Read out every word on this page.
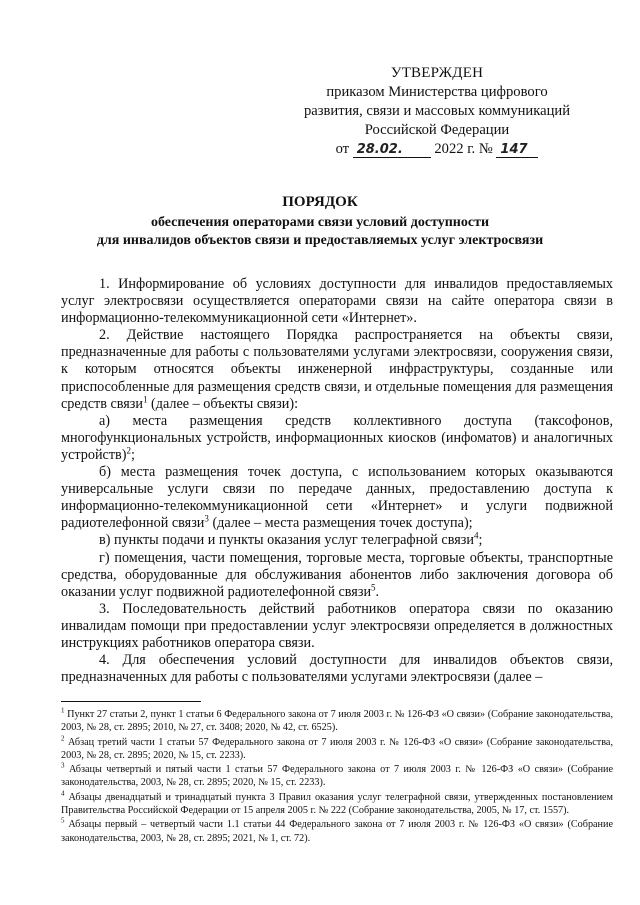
УТВЕРЖДЕН
приказом Министерства цифрового
развития, связи и массовых коммуникаций
Российской Федерации
от 28.02. 2022 г. № 147
ПОРЯДОК
обеспечения операторами связи условий доступности
для инвалидов объектов связи и предоставляемых услуг электросвязи

1. Информирование об условиях доступности для инвалидов предоставляемых услуг электросвязи осуществляется операторами связи на сайте оператора связи в информационно-телекоммуникационной сети «Интернет».

2. Действие настоящего Порядка распространяется на объекты связи, предназначенные для работы с пользователями услугами электросвязи, сооружения связи, к которым относятся объекты инженерной инфраструктуры, созданные или приспособленные для размещения средств связи, и отдельные помещения для размещения средств связи$^1$ (далее – объекты связи):

а) места размещения средств коллективного доступа (таксофонов, многофункциональных устройств, информационных киосков (инфоматов) и аналогичных устройств)$^2$;

б) места размещения точек доступа, с использованием которых оказываются универсальные услуги связи по передаче данных, предоставлению доступа к информационно-телекоммуникационной сети «Интернет» и услуги подвижной радиотелефонной связи$^3$ (далее – места размещения точек доступа);

в) пункты подачи и пункты оказания услуг телеграфной связи$^4$;

г) помещения, части помещения, торговые места, торговые объекты, транспортные средства, оборудованные для обслуживания абонентов либо заключения договора об оказании услуг подвижной радиотелефонной связи$^5$.

3. Последовательность действий работников оператора связи по оказанию инвалидам помощи при предоставлении услуг электросвязи определяется в должностных инструкциях работников оператора связи.

4. Для обеспечения условий доступности для инвалидов объектов связи, предназначенных для работы с пользователями услугами электросвязи (далее –

$^1$ Пункт 27 статьи 2, пункт 1 статьи 6 Федерального закона от 7 июля 2003 г. № 126-ФЗ «О связи» (Собрание законодательства, 2003, № 28, ст. 2895; 2010, № 27, ст. 3408; 2020, № 42, ст. 6525).

$^2$ Абзац третий части 1 статьи 57 Федерального закона от 7 июля 2003 г. № 126-ФЗ «О связи» (Собрание законодательства, 2003, № 28, ст. 2895; 2020, № 15, ст. 2233).

$^3$ Абзацы четвертый и пятый части 1 статьи 57 Федерального закона от 7 июля 2003 г. № 126-ФЗ «О связи» (Собрание законодательства, 2003, № 28, ст. 2895; 2020, № 15, ст. 2233).

$^4$ Абзацы двенадцатый и тринадцатый пункта 3 Правил оказания услуг телеграфной связи, утвержденных постановлением Правительства Российской Федерации от 15 апреля 2005 г. № 222 (Собрание законодательства, 2005, № 17, ст. 1557).

$^5$ Абзацы первый – четвертый части 1.1 статьи 44 Федерального закона от 7 июля 2003 г. № 126-ФЗ «О связи» (Собрание законодательства, 2003, № 28, ст. 2895; 2021, № 1, ст. 72).
